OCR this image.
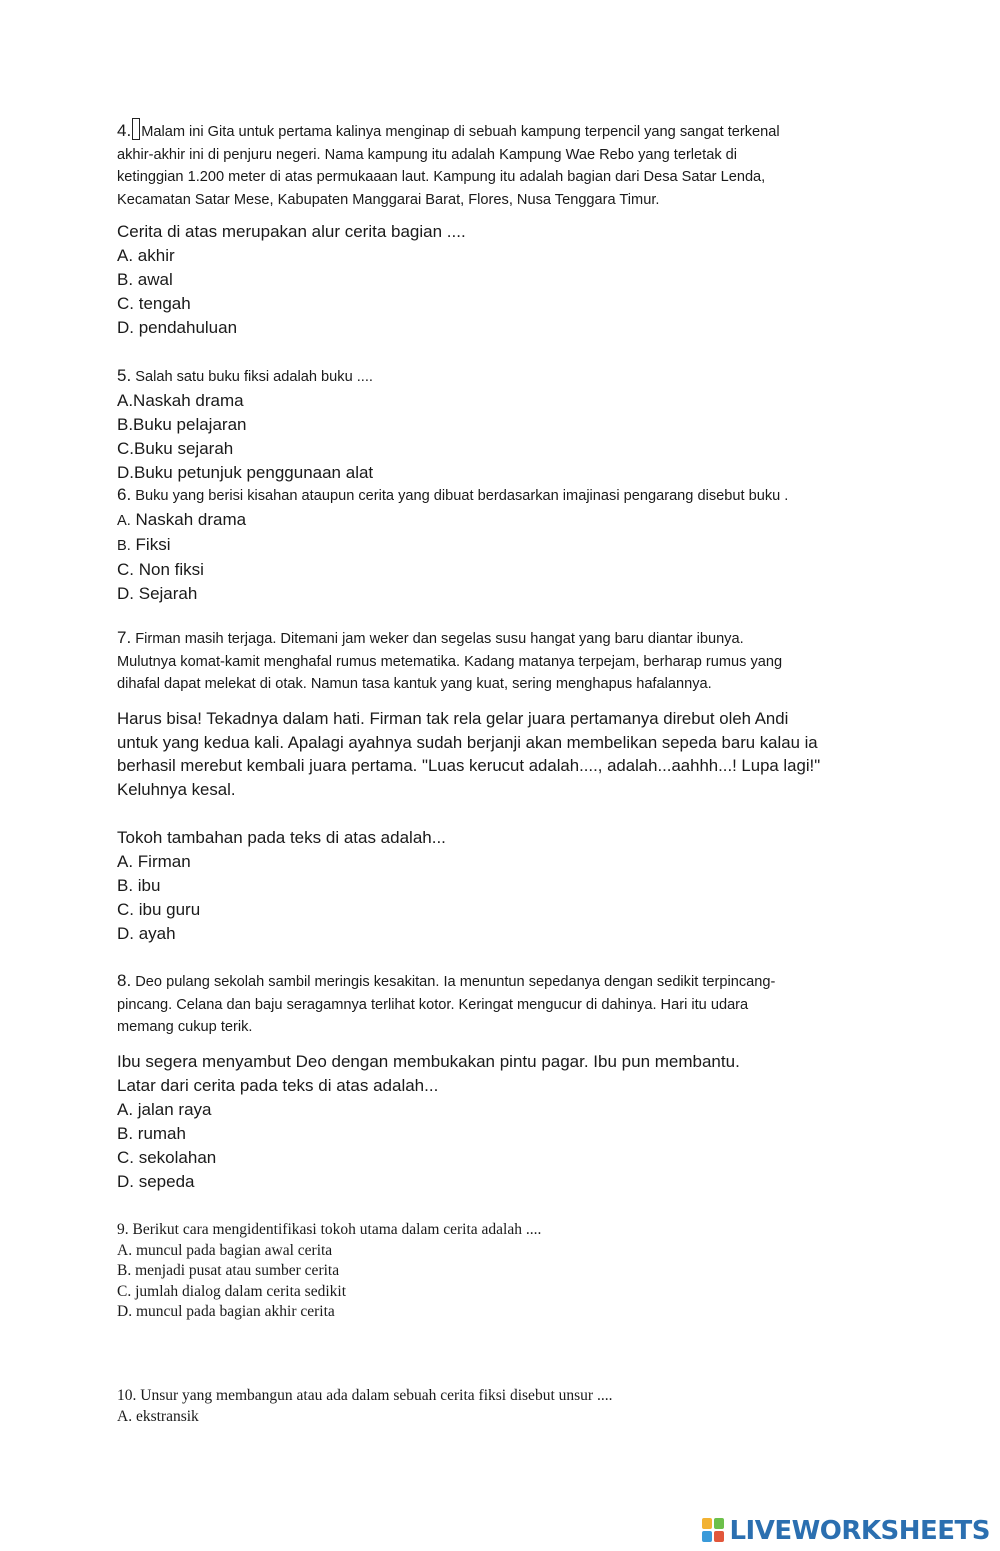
4. Malam ini Gita untuk pertama kalinya menginap di sebuah kampung terpencil yang sangat terkenal
akhir-akhir ini di penjuru negeri. Nama kampung itu adalah Kampung Wae Rebo yang terletak di
ketinggian 1.200 meter di atas permukaaan laut. Kampung itu adalah bagian dari Desa Satar Lenda,
Kecamatan Satar Mese, Kabupaten Manggarai Barat, Flores, Nusa Tenggara Timur.
Cerita di atas merupakan alur cerita bagian ....
A. akhir
B. awal
C. tengah
D. pendahuluan
5. Salah satu buku fiksi adalah buku ....
A.Naskah drama
B.Buku pelajaran
C.Buku sejarah
D.Buku petunjuk penggunaan alat
6. Buku yang berisi kisahan ataupun cerita yang dibuat berdasarkan imajinasi pengarang disebut buku .
A. Naskah drama
B. Fiksi
C. Non fiksi
D. Sejarah
7. Firman masih terjaga. Ditemani jam weker dan segelas susu hangat yang baru diantar ibunya.
Mulutnya komat-kamit menghafal rumus metematika. Kadang matanya terpejam, berharap rumus yang
dihafal dapat melekat di otak. Namun tasa kantuk yang kuat, sering menghapus hafalannya.
Harus bisa! Tekadnya dalam hati. Firman tak rela gelar juara pertamanya direbut oleh Andi
untuk yang kedua kali. Apalagi ayahnya sudah berjanji akan membelikan sepeda baru kalau ia
berhasil merebut kembali juara pertama. "Luas kerucut adalah...., adalah...aahhh...! Lupa lagi!"
Keluhnya kesal.
Tokoh tambahan pada teks di atas adalah...
A. Firman
B. ibu
C. ibu guru
D. ayah
8. Deo pulang sekolah sambil meringis kesakitan. Ia menuntun sepedanya dengan sedikit terpincang-
pincang. Celana dan baju seragamnya terlihat kotor. Keringat mengucur di dahinya. Hari itu udara
memang cukup terik.
Ibu segera menyambut Deo dengan membukakan pintu pagar. Ibu pun membantu.
Latar dari cerita pada teks di atas adalah...
A. jalan raya
B. rumah
C. sekolahan
D. sepeda
9. Berikut cara mengidentifikasi tokoh utama dalam cerita adalah ....
A. muncul pada bagian awal cerita
B. menjadi pusat atau sumber cerita
C. jumlah dialog dalam cerita sedikit
D. muncul pada bagian akhir cerita
10. Unsur yang membangun atau ada dalam sebuah cerita fiksi disebut unsur ....
A. ekstransik
LIVEWORKSHEETS
